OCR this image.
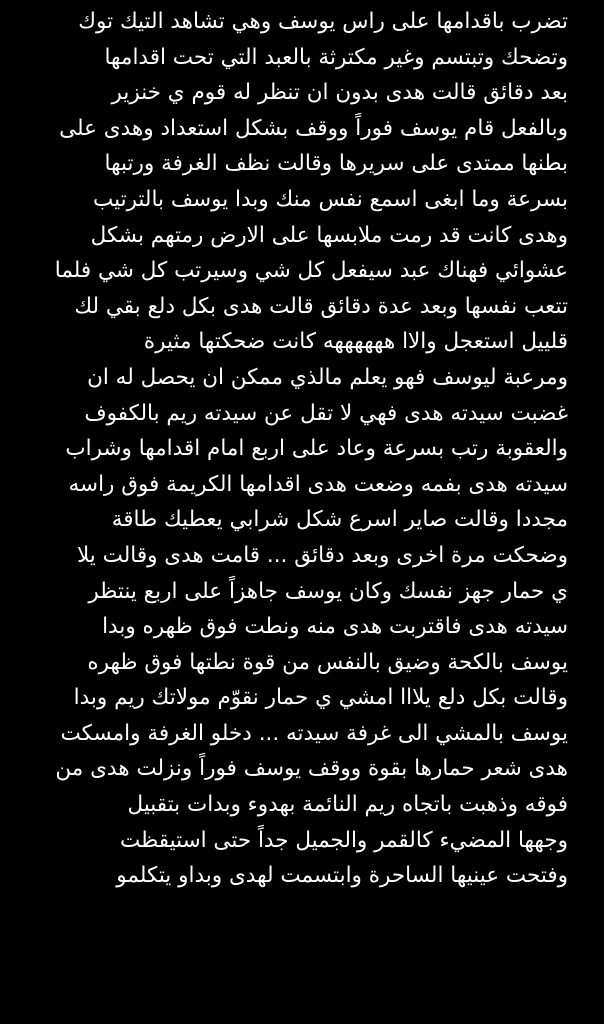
تضرب باقدامها على راس يوسف وهي تشاهد التيك توك
وتضحك وتبتسم وغير مكترثة بالعبد التي تحت اقدامها
بعد دقائق قالت هدى بدون ان تنظر له قوم ي خنزير
وبالفعل قام يوسف فوراً ووقف بشكل استعداد وهدى على
بطنها ممتدى على سريرها وقالت نظف الغرفة ورتبها
بسرعة وما ابغى اسمع نفس منك وبدا يوسف بالترتيب
وهدى كانت قد رمت ملابسها على الارض رمتهم بشكل
عشوائي فهناك عبد سيفعل كل شي وسيرتب كل شي فلما
تتعب نفسها وبعد عدة دقائق قالت هدى بكل دلع بقي لك
قلييل استعجل والاا ههههههه كانت ضحكتها مثيرة
ومرعبة ليوسف فهو يعلم مالذي ممكن ان يحصل له ان
غضبت سيدته هدى فهي لا تقل عن سيدته ريم بالكفوف
والعقوبة رتب بسرعة وعاد على اربع امام اقدامها وشراب
سيدته هدى بفمه وضعت هدى اقدامها الكريمة فوق راسه
مجددا وقالت صاير اسرع شكل شرابي يعطيك طاقة
وضحكت مرة اخرى وبعد دقائق ... قامت هدى وقالت يلا
ي حمار جهز نفسك وكان يوسف جاهزاً على اربع ينتظر
سيدته هدى فاقتربت هدى منه ونطت فوق ظهره وبدا
يوسف بالكحة وضيق بالنفس من قوة نطتها فوق ظهره
وقالت بكل دلع يلااا امشي ي حمار نقوّم مولاتك ريم وبدا
يوسف بالمشي الى غرفة سيدته ... دخلو الغرفة وامسكت
هدى شعر حمارها بقوة ووقف يوسف فوراً ونزلت هدى من
فوقه وذهبت باتجاه ريم النائمة بهدوء وبدات بتقبيل
وجهها المضيء كالقمر والجميل جداً حتى استيقظت
وفتحت عينيها الساحرة وابتسمت لهدى وبداو يتكلمو
